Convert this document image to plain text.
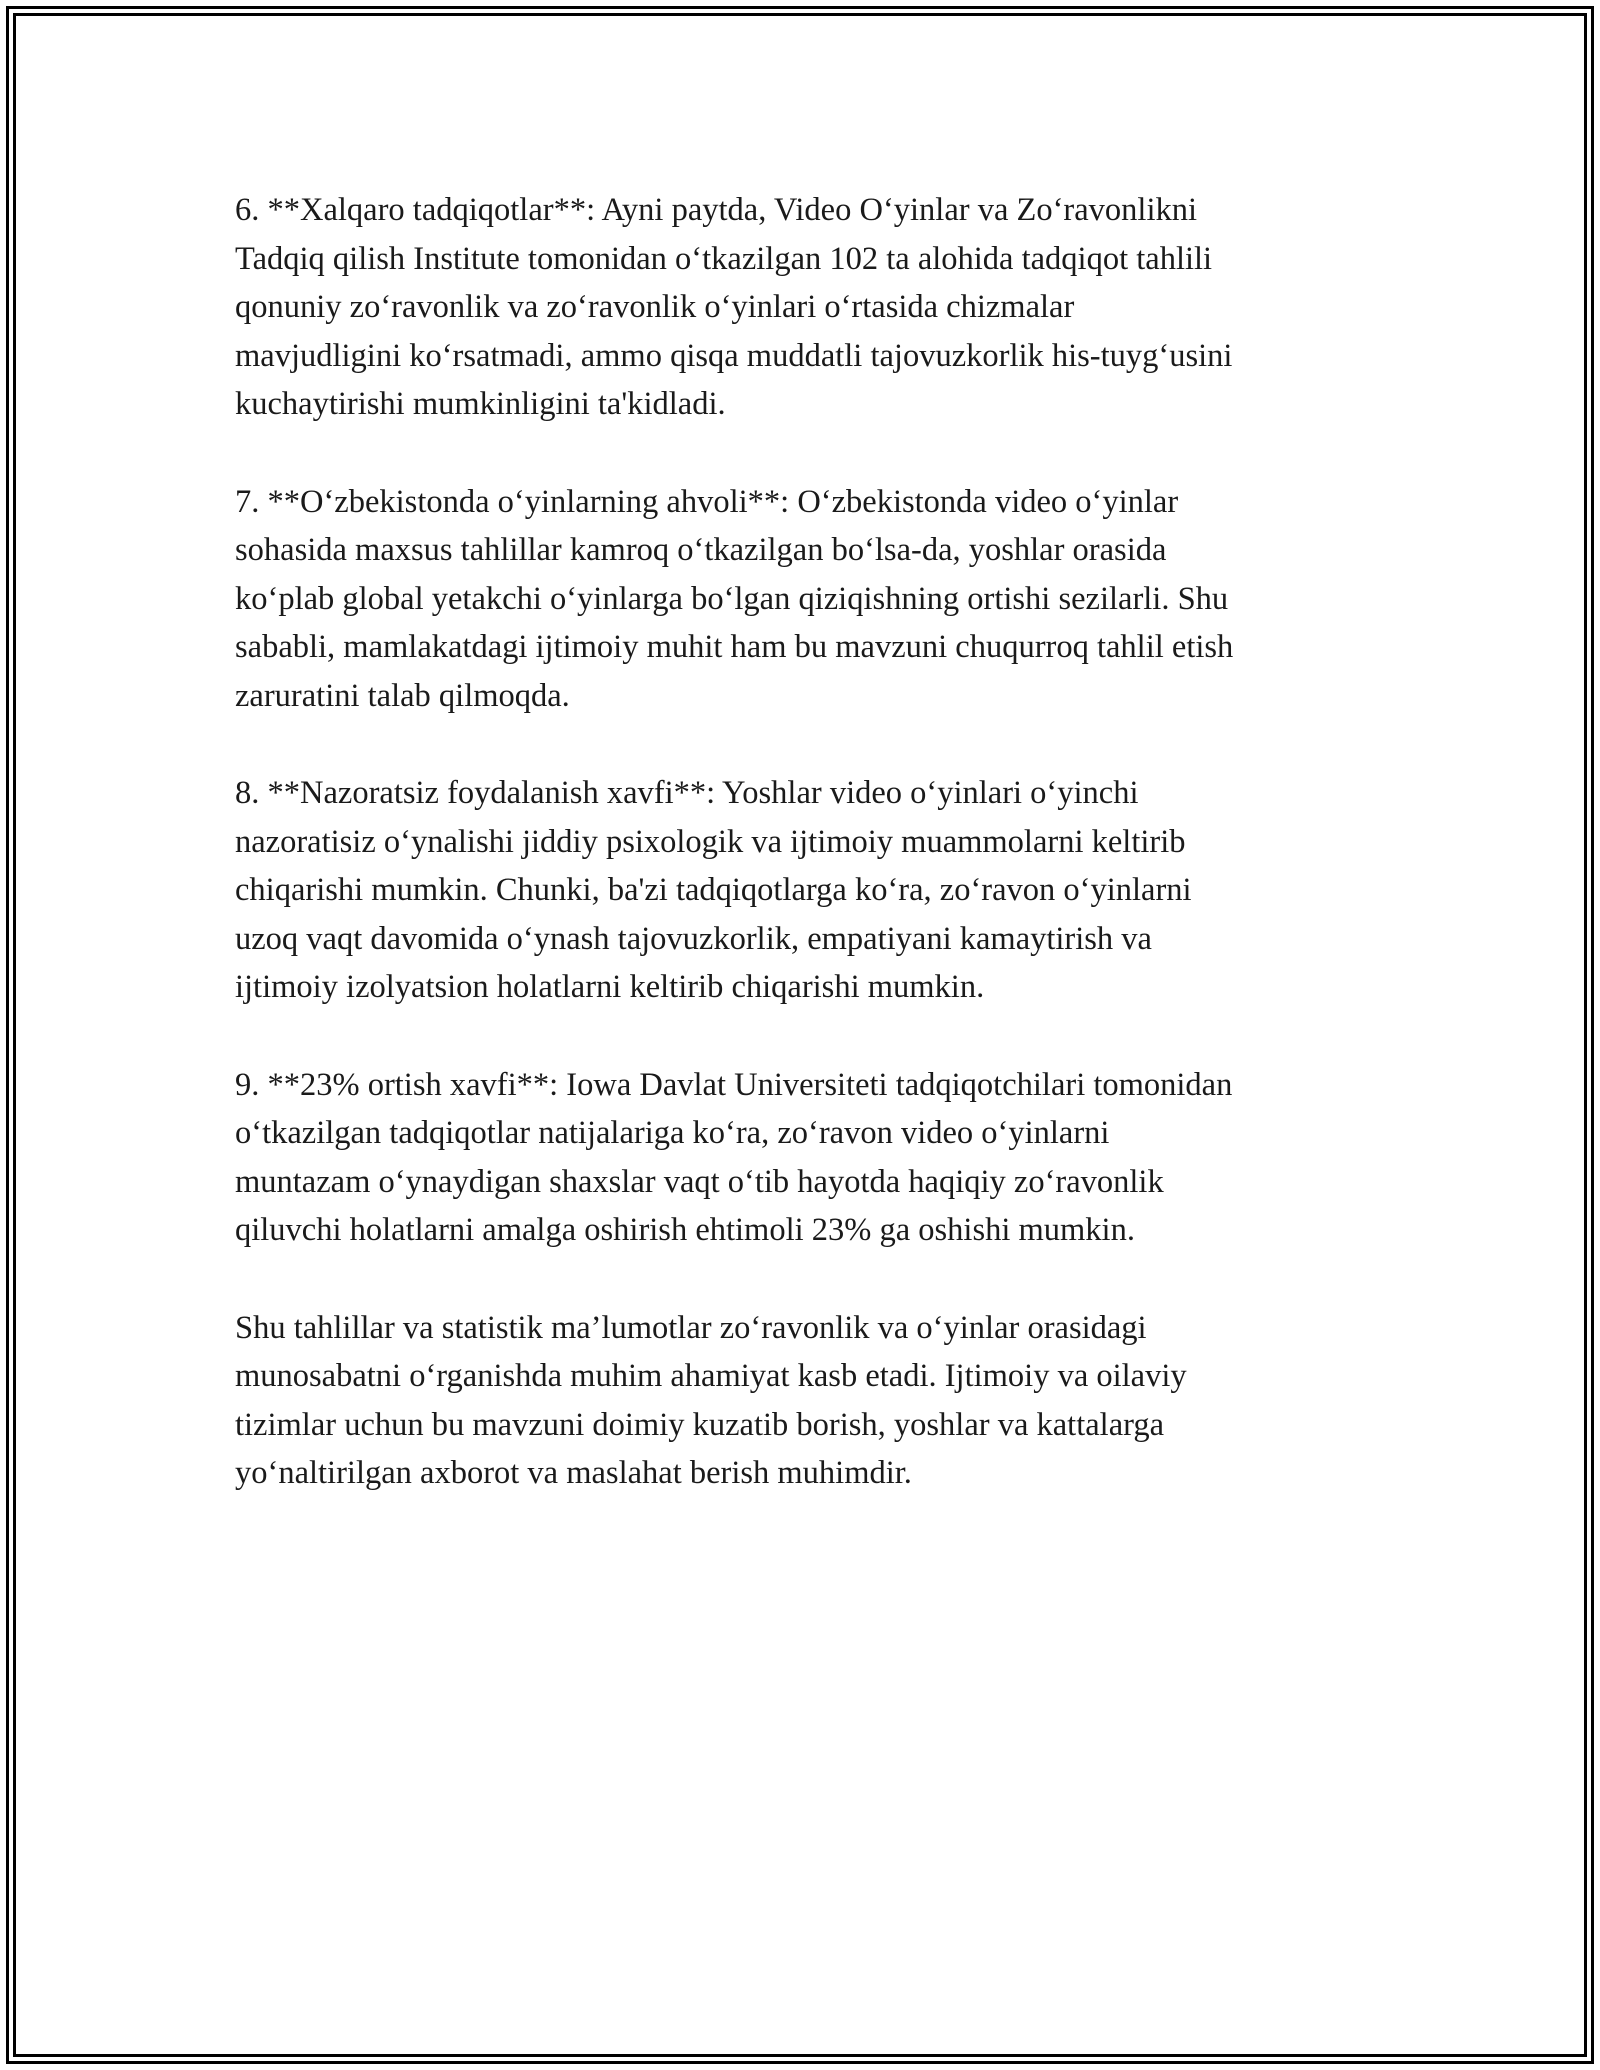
6. **Xalqaro tadqiqotlar**: Ayni paytda, Video O‘yinlar va Zo‘ravonlikni
Tadqiq qilish Institute tomonidan o‘tkazilgan 102 ta alohida tadqiqot tahlili
qonuniy zo‘ravonlik va zo‘ravonlik o‘yinlari o‘rtasida chizmalar
mavjudligini ko‘rsatmadi, ammo qisqa muddatli tajovuzkorlik his-tuyg‘usini
kuchaytirishi mumkinligini ta'kidladi.

7. **O‘zbekistonda o‘yinlarning ahvoli**: O‘zbekistonda video o‘yinlar
sohasida maxsus tahlillar kamroq o‘tkazilgan bo‘lsa-da, yoshlar orasida
ko‘plab global yetakchi o‘yinlarga bo‘lgan qiziqishning ortishi sezilarli. Shu
sababli, mamlakatdagi ijtimoiy muhit ham bu mavzuni chuqurroq tahlil etish
zaruratini talab qilmoqda.

8. **Nazoratsiz foydalanish xavfi**: Yoshlar video o‘yinlari o‘yinchi
nazoratisiz o‘ynalishi jiddiy psixologik va ijtimoiy muammolarni keltirib
chiqarishi mumkin. Chunki, ba'zi tadqiqotlarga ko‘ra, zo‘ravon o‘yinlarni
uzoq vaqt davomida o‘ynash tajovuzkorlik, empatiyani kamaytirish va
ijtimoiy izolyatsion holatlarni keltirib chiqarishi mumkin.

9. **23% ortish xavfi**: Iowa Davlat Universiteti tadqiqotchilari tomonidan
o‘tkazilgan tadqiqotlar natijalariga ko‘ra, zo‘ravon video o‘yinlarni
muntazam o‘ynaydigan shaxslar vaqt o‘tib hayotda haqiqiy zo‘ravonlik
qiluvchi holatlarni amalga oshirish ehtimoli 23% ga oshishi mumkin.

Shu tahlillar va statistik ma’lumotlar zo‘ravonlik va o‘yinlar orasidagi
munosabatni o‘rganishda muhim ahamiyat kasb etadi. Ijtimoiy va oilaviy
tizimlar uchun bu mavzuni doimiy kuzatib borish, yoshlar va kattalarga
yo‘naltirilgan axborot va maslahat berish muhimdir.
